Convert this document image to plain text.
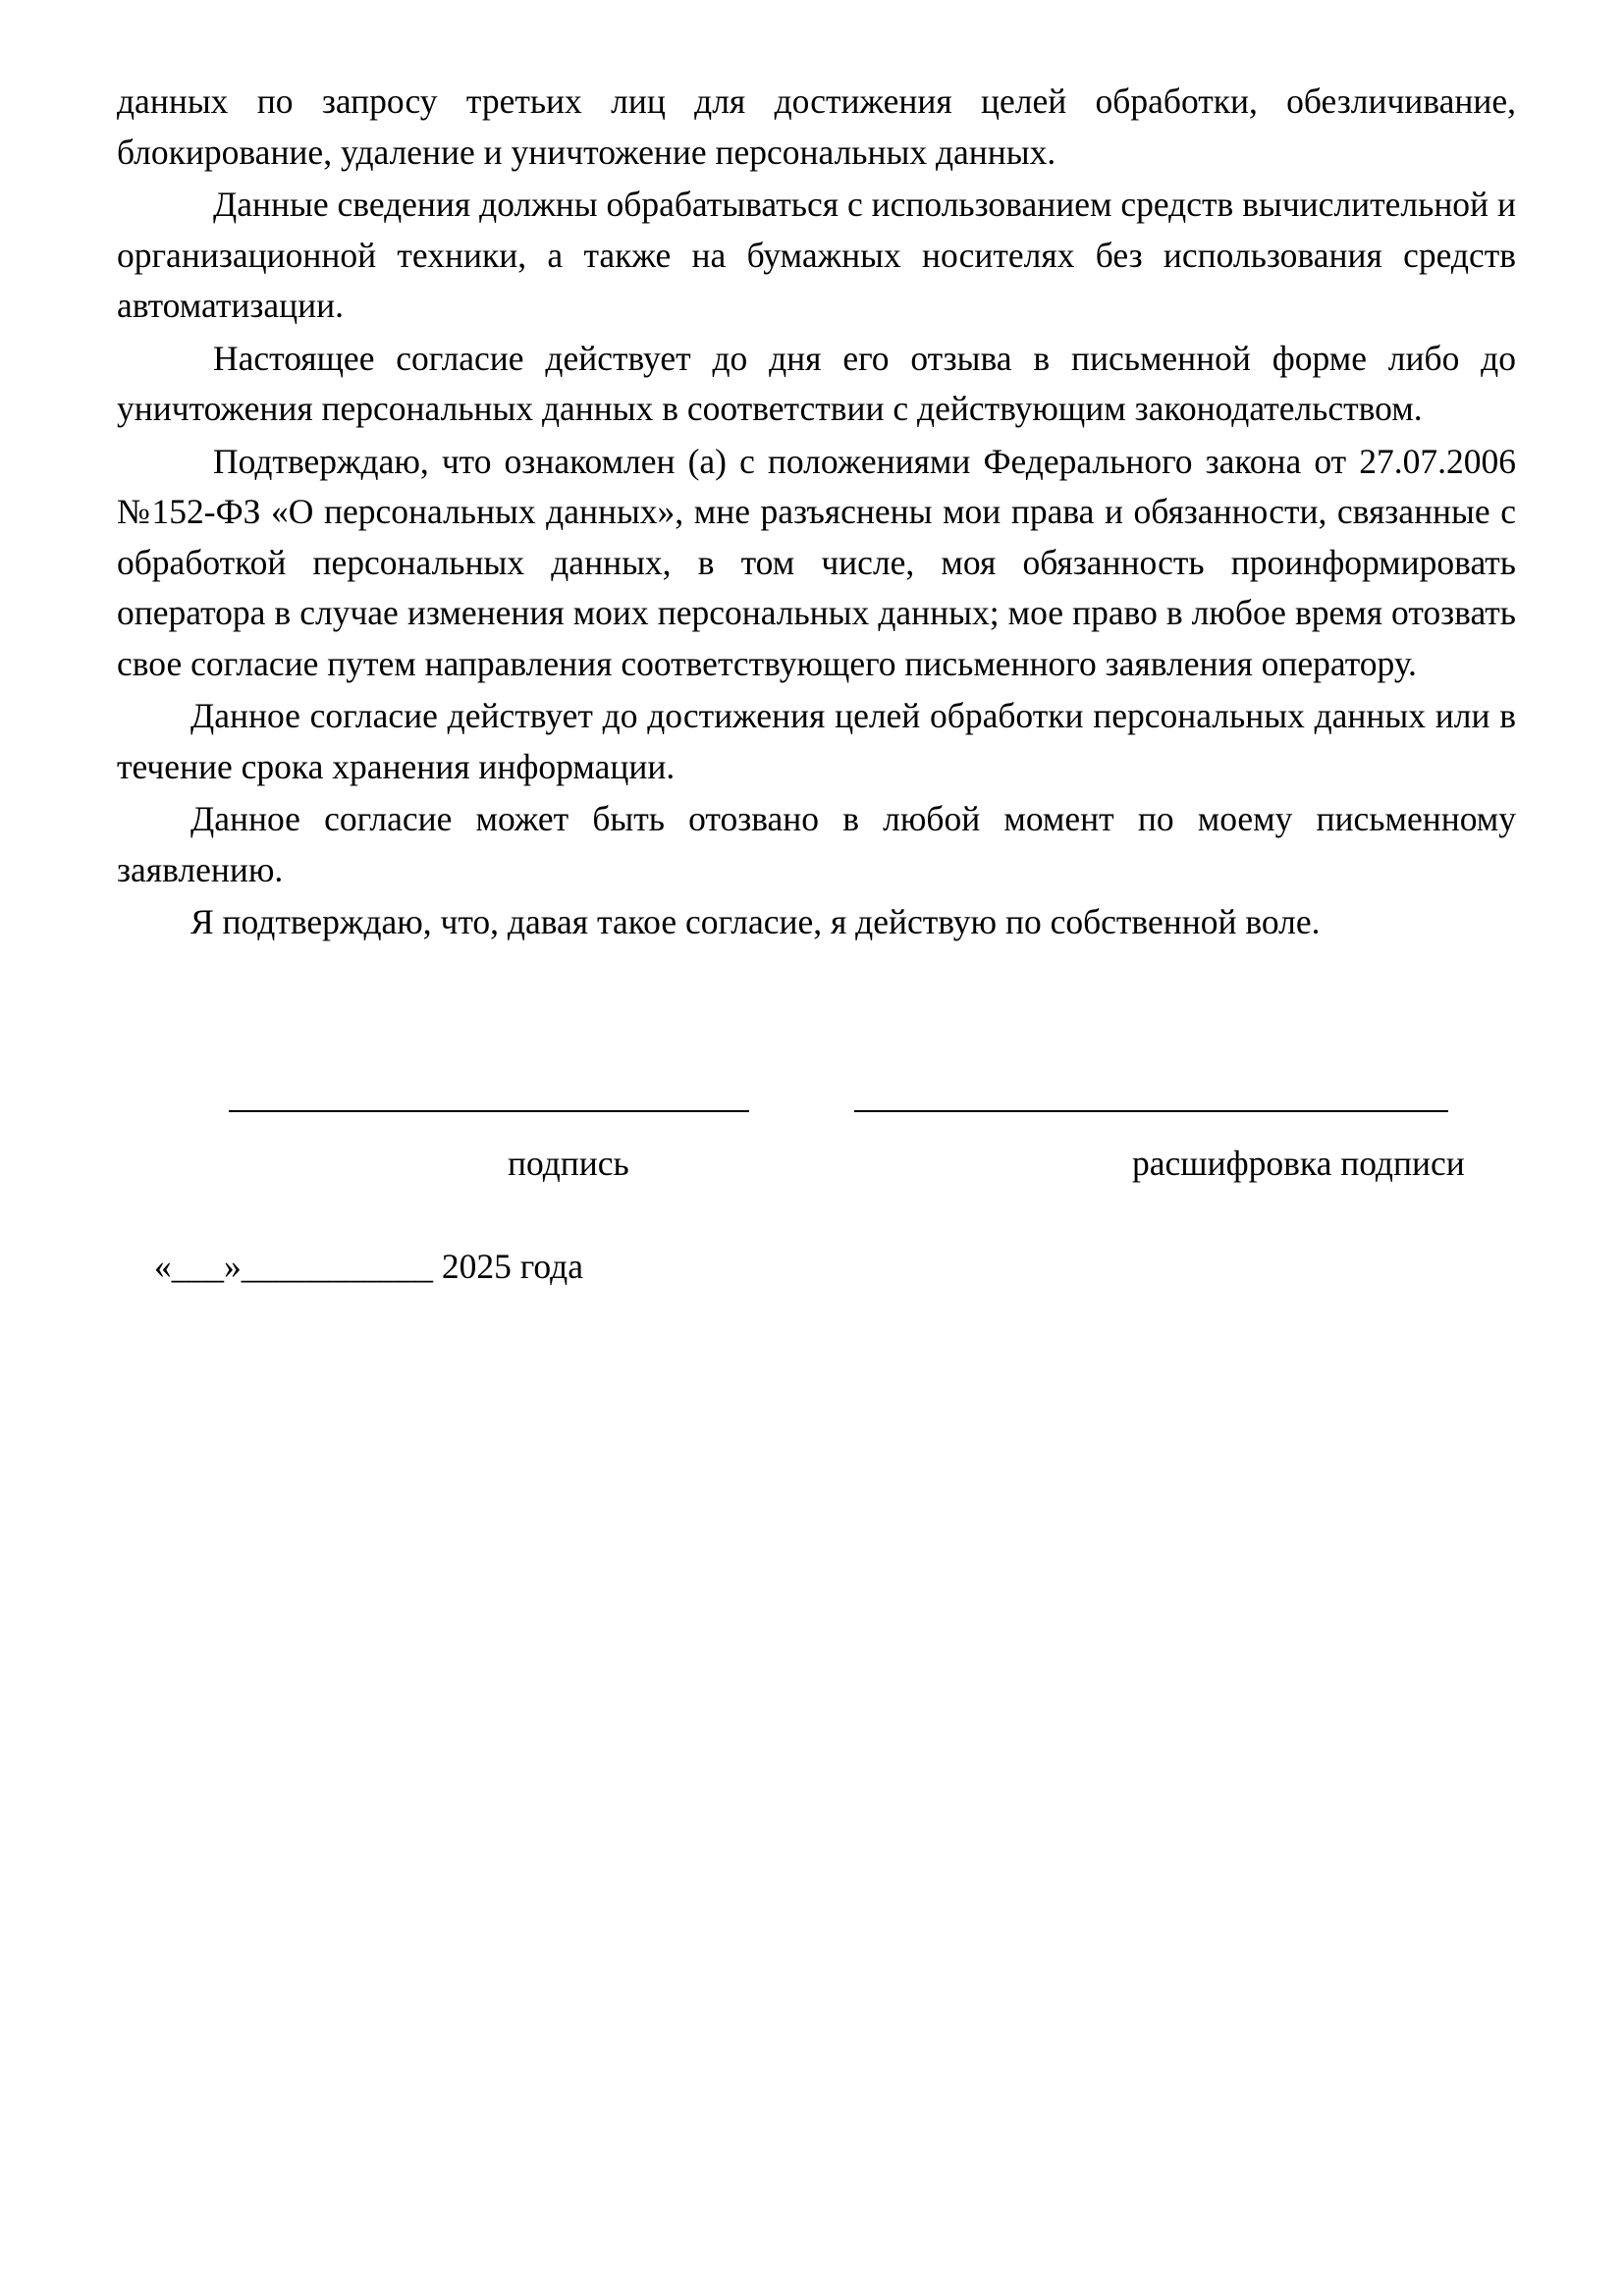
данных по запросу третьих лиц для достижения целей обработки, обезличивание, блокирование, удаление и уничтожение персональных данных.

Данные сведения должны обрабатываться с использованием средств вычислительной и организационной техники, а также на бумажных носителях без использования средств автоматизации.

Настоящее согласие действует до дня его отзыва в письменной форме либо до уничтожения персональных данных в соответствии с действующим законодательством.

Подтверждаю, что ознакомлен (а) с положениями Федерального закона от 27.07.2006 №152-ФЗ «О персональных данных», мне разъяснены мои права и обязанности, связанные с обработкой персональных данных, в том числе, моя обязанность проинформировать оператора в случае изменения моих персональных данных; мое право в любое время отозвать свое согласие путем направления соответствующего письменного заявления оператору.

Данное согласие действует до достижения целей обработки персональных данных или в течение срока хранения информации.

Данное согласие может быть отозвано в любой момент по моему письменному заявлению.

Я подтверждаю, что, давая такое согласие, я действую по собственной воле.

подпись	расшифровка подписи
«___»___________ 2025 года
